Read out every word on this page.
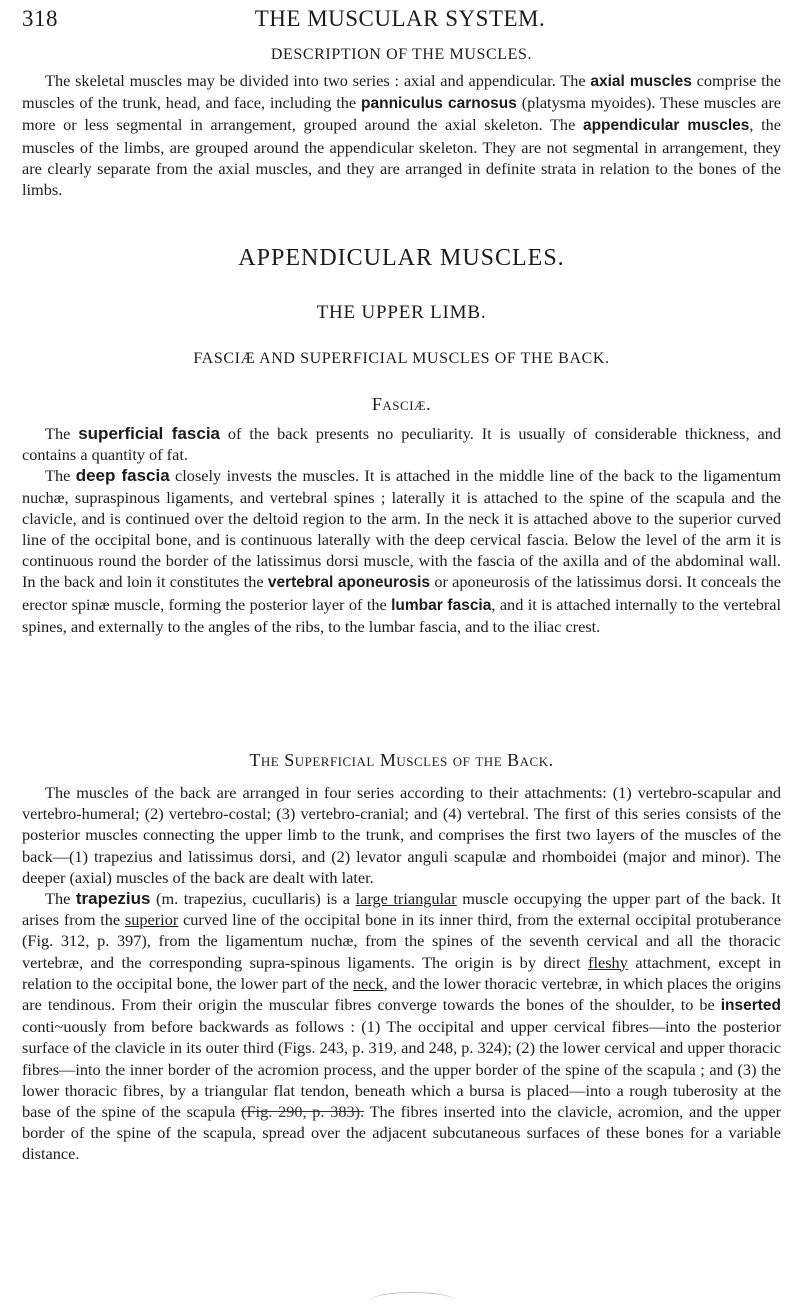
318	THE MUSCULAR SYSTEM.
DESCRIPTION OF THE MUSCLES.

The skeletal muscles may be divided into two series : axial and appendicular. The axial muscles comprise the muscles of the trunk, head, and face, including the panniculus carnosus (platysma myoides). These muscles are more or less segmental in arrangement, grouped around the axial skeleton. The appendicular muscles, the muscles of the limbs, are grouped around the appendicular skeleton. They are not segmental in arrangement, they are clearly separate from the axial muscles, and they are arranged in definite strata in relation to the bones of the limbs.

APPENDICULAR MUSCLES.
THE UPPER LIMB.
FASCIÆ AND SUPERFICIAL MUSCLES OF THE BACK.
Fasciæ.

The superficial fascia of the back presents no peculiarity. It is usually of considerable thickness, and contains a quantity of fat.

The deep fascia closely invests the muscles. It is attached in the middle line of the back to the ligamentum nuchæ, supraspinous ligaments, and vertebral spines ; laterally it is attached to the spine of the scapula and the clavicle, and is continued over the deltoid region to the arm. In the neck it is attached above to the superior curved line of the occipital bone, and is continuous laterally with the deep cervical fascia. Below the level of the arm it is continuous round the border of the latissimus dorsi muscle, with the fascia of the axilla and of the abdominal wall. In the back and loin it constitutes the vertebral aponeurosis or aponeurosis of the latissimus dorsi. It conceals the erector spinæ muscle, forming the posterior layer of the lumbar fascia, and it is attached internally to the vertebral spines, and externally to the angles of the ribs, to the lumbar fascia, and to the iliac crest.

The Superficial Muscles of the Back.

The muscles of the back are arranged in four series according to their attachments: (1) vertebro-scapular and vertebro-humeral; (2) vertebro-costal; (3) vertebro-cranial; and (4) vertebral. The first of this series consists of the posterior muscles connecting the upper limb to the trunk, and comprises the first two layers of the muscles of the back—(1) trapezius and latissimus dorsi, and (2) levator anguli scapulæ and rhomboidei (major and minor). The deeper (axial) muscles of the back are dealt with later.

The trapezius (m. trapezius, cucullaris) is a large triangular muscle occupying the upper part of the back. It arises from the superior curved line of the occipital bone in its inner third, from the external occipital protuberance (Fig. 312, p. 397), from the ligamentum nuchæ, from the spines of the seventh cervical and all the thoracic vertebræ, and the corresponding supra-spinous ligaments. The origin is by direct fleshy attachment, except in relation to the occipital bone, the lower part of the neck, and the lower thoracic vertebræ, in which places the origins are tendinous. From their origin the muscular fibres converge towards the bones of the shoulder, to be inserted conti~uously from before backwards as follows : (1) The occipital and upper cervical fibres—into the posterior surface of the clavicle in its outer third (Figs. 243, p. 319, and 248, p. 324); (2) the lower cervical and upper thoracic fibres—into the inner border of the acromion process, and the upper border of the spine of the scapula ; and (3) the lower thoracic fibres, by a triangular flat tendon, beneath which a bursa is placed—into a rough tuberosity at the base of the spine of the scapula (Fig. 290, p. 383). The fibres inserted into the clavicle, acromion, and the upper border of the spine of the scapula, spread over the adjacent subcutaneous surfaces of these bones for a variable distance.
